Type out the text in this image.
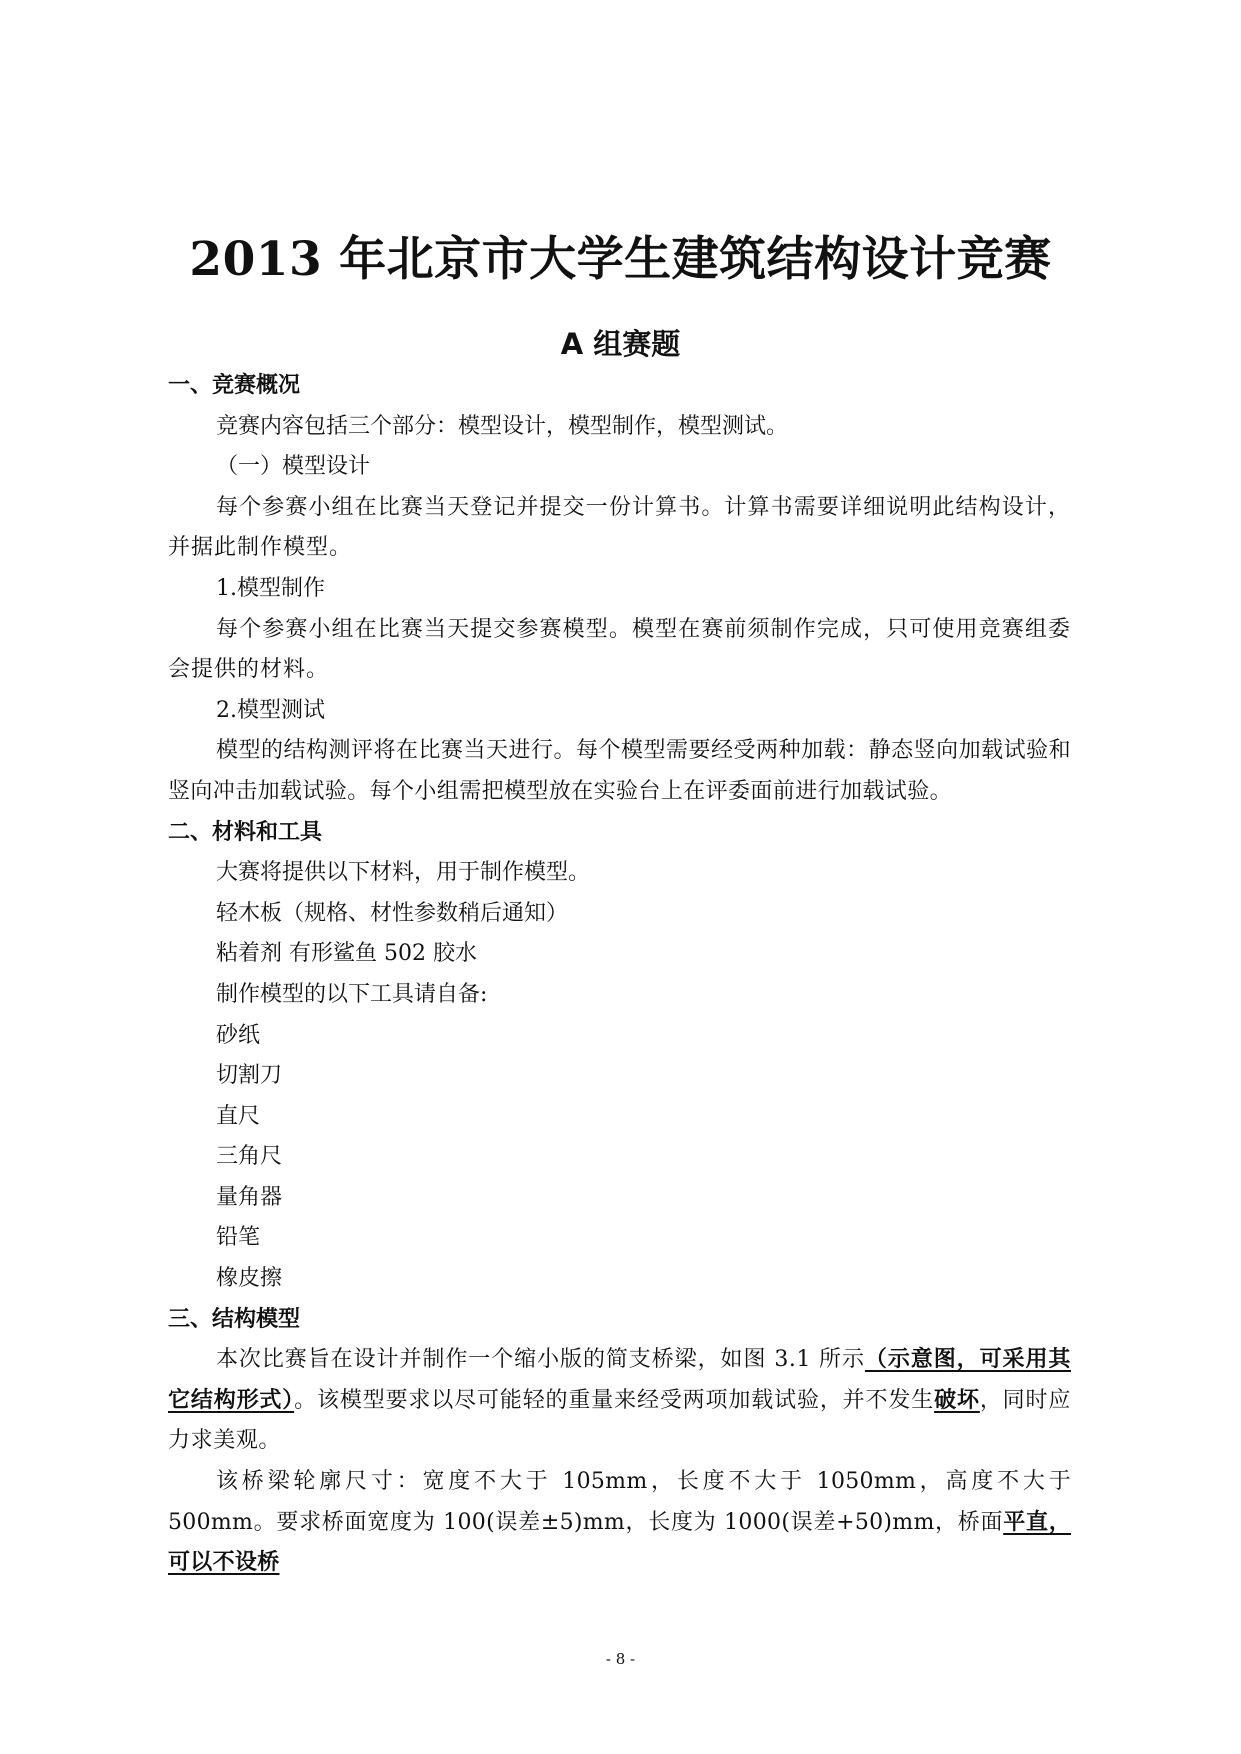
2013 年北京市大学生建筑结构设计竞赛
A 组赛题

一、竞赛概况

竞赛内容包括三个部分：模型设计，模型制作，模型测试。

（一）模型设计

每个参赛小组在比赛当天登记并提交一份计算书。计算书需要详细说明此结构设计，并据此制作模型。

1.模型制作

每个参赛小组在比赛当天提交参赛模型。模型在赛前须制作完成，只可使用竞赛组委会提供的材料。

2.模型测试

模型的结构测评将在比赛当天进行。每个模型需要经受两种加载：静态竖向加载试验和竖向冲击加载试验。每个小组需把模型放在实验台上在评委面前进行加载试验。

二、材料和工具

大赛将提供以下材料，用于制作模型。

轻木板（规格、材性参数稍后通知）

粘着剂 有形鲨鱼 502 胶水

制作模型的以下工具请自备:

砂纸

切割刀

直尺

三角尺

量角器

铅笔

橡皮擦

三、结构模型

本次比赛旨在设计并制作一个缩小版的简支桥梁，如图 3.1 所示（示意图，可采用其它结构形式）。该模型要求以尽可能轻的重量来经受两项加载试验，并不发生破坏，同时应力求美观。

该桥梁轮廓尺寸：宽度不大于 105mm，长度不大于 1050mm，高度不大于 500mm。要求桥面宽度为 100(误差±5)mm，长度为 1000(误差+50)mm，桥面平直，可以不设桥

- 8 -
